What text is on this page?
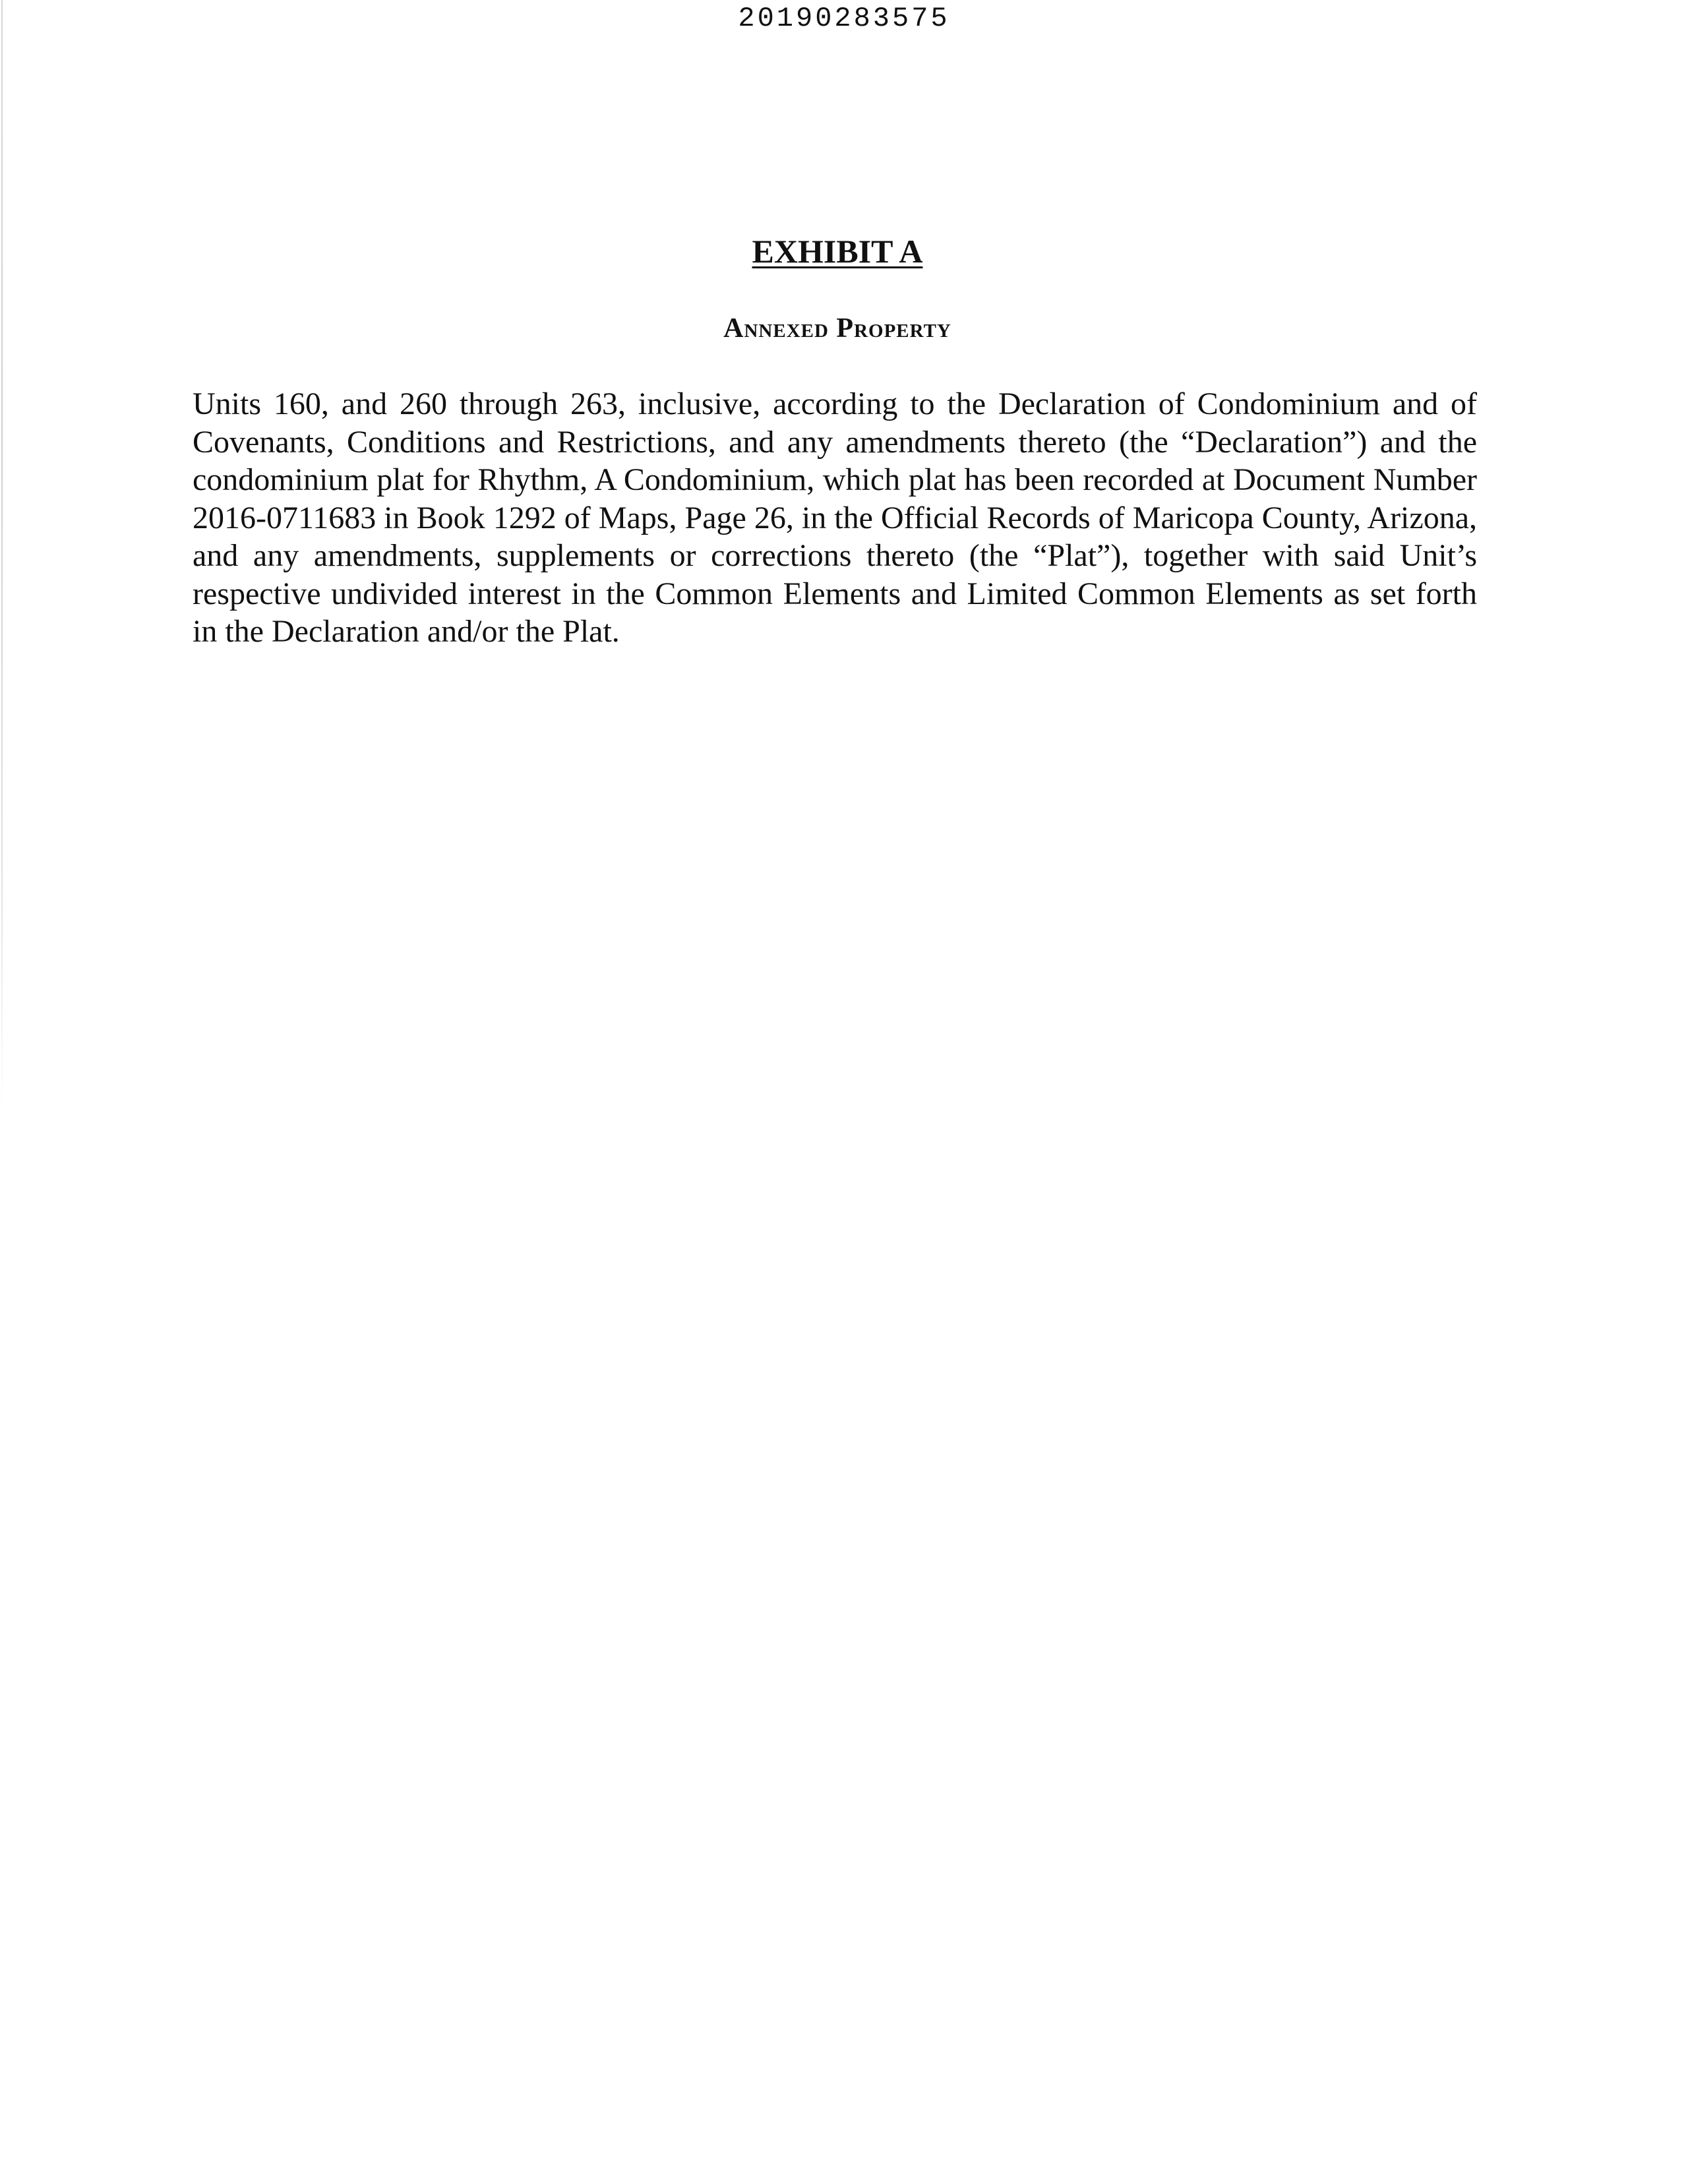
20190283575
EXHIBIT A
Annexed Property

Units 160, and 260 through 263, inclusive, according to the Declaration of Condominium and of Covenants, Conditions and Restrictions, and any amendments thereto (the “Declaration”) and the condominium plat for Rhythm, A Condominium, which plat has been recorded at Document Number 2016-0711683 in Book 1292 of Maps, Page 26, in the Official Records of Maricopa County, Arizona, and any amendments, supplements or corrections thereto (the “Plat”), together with said Unit’s respective undivided interest in the Common Elements and Limited Common Elements as set forth in the Declaration and/or the Plat.
